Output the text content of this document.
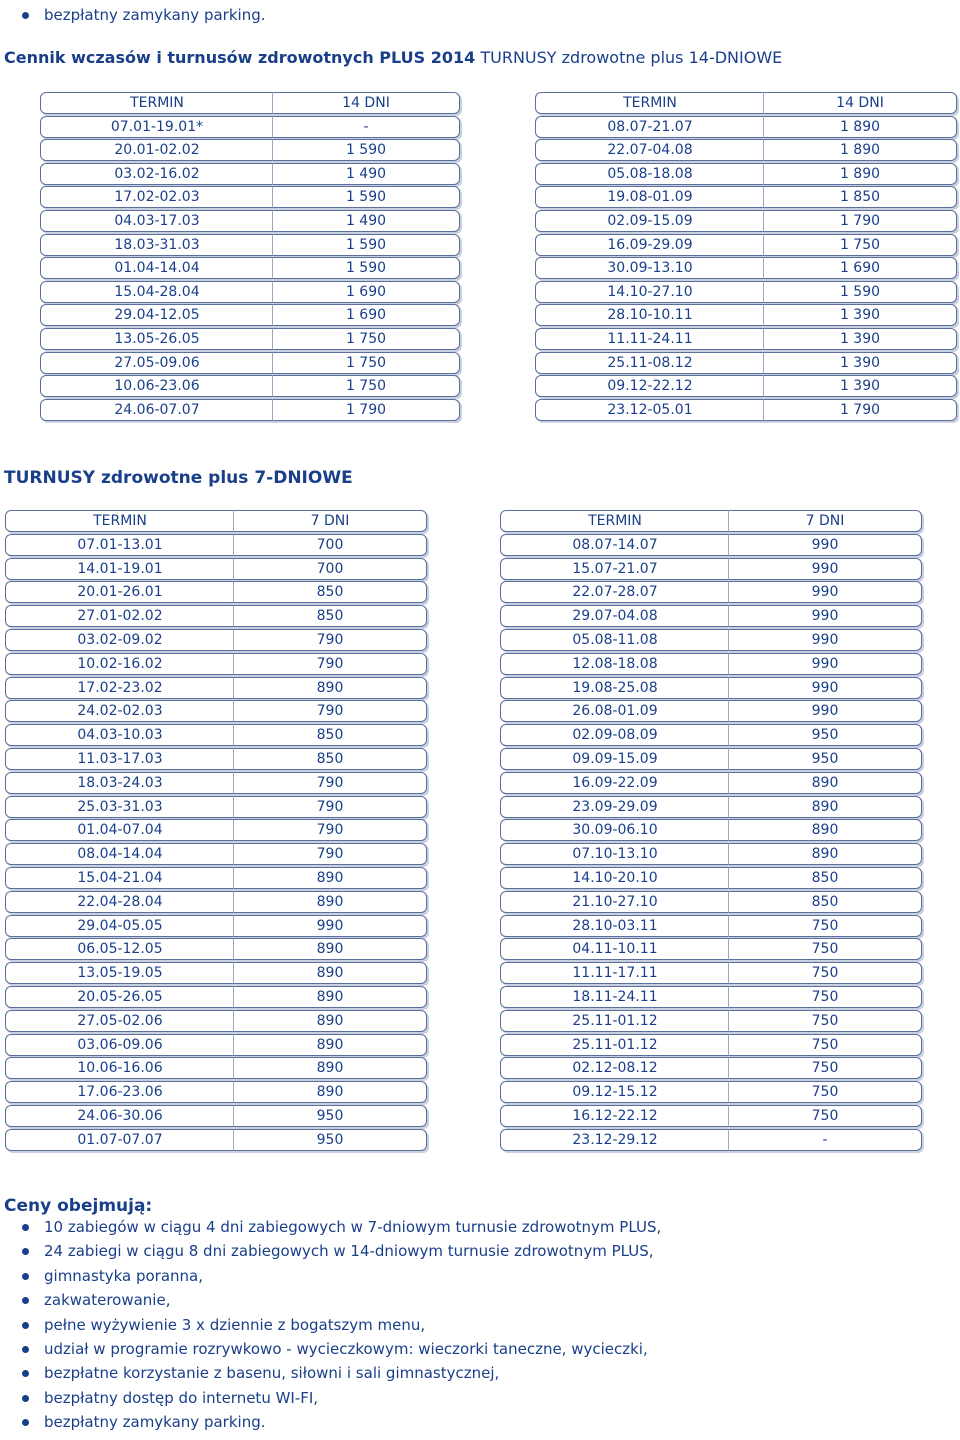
bezpłatny zamykany parking.
Cennik wczasów i turnusów zdrowotnych PLUS 2014 TURNUSY zdrowotne plus 14-DNIOWE
TERMIN	14 DNI
07.01-19.01*	-
20.01-02.02	1 590
03.02-16.02	1 490
17.02-02.03	1 590
04.03-17.03	1 490
18.03-31.03	1 590
01.04-14.04	1 590
15.04-28.04	1 690
29.04-12.05	1 690
13.05-26.05	1 750
27.05-09.06	1 750
10.06-23.06	1 750
24.06-07.07	1 790
TERMIN	14 DNI
08.07-21.07	1 890
22.07-04.08	1 890
05.08-18.08	1 890
19.08-01.09	1 850
02.09-15.09	1 790
16.09-29.09	1 750
30.09-13.10	1 690
14.10-27.10	1 590
28.10-10.11	1 390
11.11-24.11	1 390
25.11-08.12	1 390
09.12-22.12	1 390
23.12-05.01	1 790
TURNUSY zdrowotne plus 7-DNIOWE
TERMIN	7 DNI
07.01-13.01	700
14.01-19.01	700
20.01-26.01	850
27.01-02.02	850
03.02-09.02	790
10.02-16.02	790
17.02-23.02	890
24.02-02.03	790
04.03-10.03	850
11.03-17.03	850
18.03-24.03	790
25.03-31.03	790
01.04-07.04	790
08.04-14.04	790
15.04-21.04	890
22.04-28.04	890
29.04-05.05	990
06.05-12.05	890
13.05-19.05	890
20.05-26.05	890
27.05-02.06	890
03.06-09.06	890
10.06-16.06	890
17.06-23.06	890
24.06-30.06	950
01.07-07.07	950
TERMIN	7 DNI
08.07-14.07	990
15.07-21.07	990
22.07-28.07	990
29.07-04.08	990
05.08-11.08	990
12.08-18.08	990
19.08-25.08	990
26.08-01.09	990
02.09-08.09	950
09.09-15.09	950
16.09-22.09	890
23.09-29.09	890
30.09-06.10	890
07.10-13.10	890
14.10-20.10	850
21.10-27.10	850
28.10-03.11	750
04.11-10.11	750
11.11-17.11	750
18.11-24.11	750
25.11-01.12	750
25.11-01.12	750
02.12-08.12	750
09.12-15.12	750
16.12-22.12	750
23.12-29.12	-
Ceny obejmują:
10 zabiegów w ciągu 4 dni zabiegowych w 7-dniowym turnusie zdrowotnym PLUS,
24 zabiegi w ciągu 8 dni zabiegowych w 14-dniowym turnusie zdrowotnym PLUS,
gimnastyka poranna,
zakwaterowanie,
pełne wyżywienie 3 x dziennie z bogatszym menu,
udział w programie rozrywkowo - wycieczkowym: wieczorki taneczne, wycieczki,
bezpłatne korzystanie z basenu, siłowni i sali gimnastycznej,
bezpłatny dostęp do internetu WI-FI,
bezpłatny zamykany parking.
